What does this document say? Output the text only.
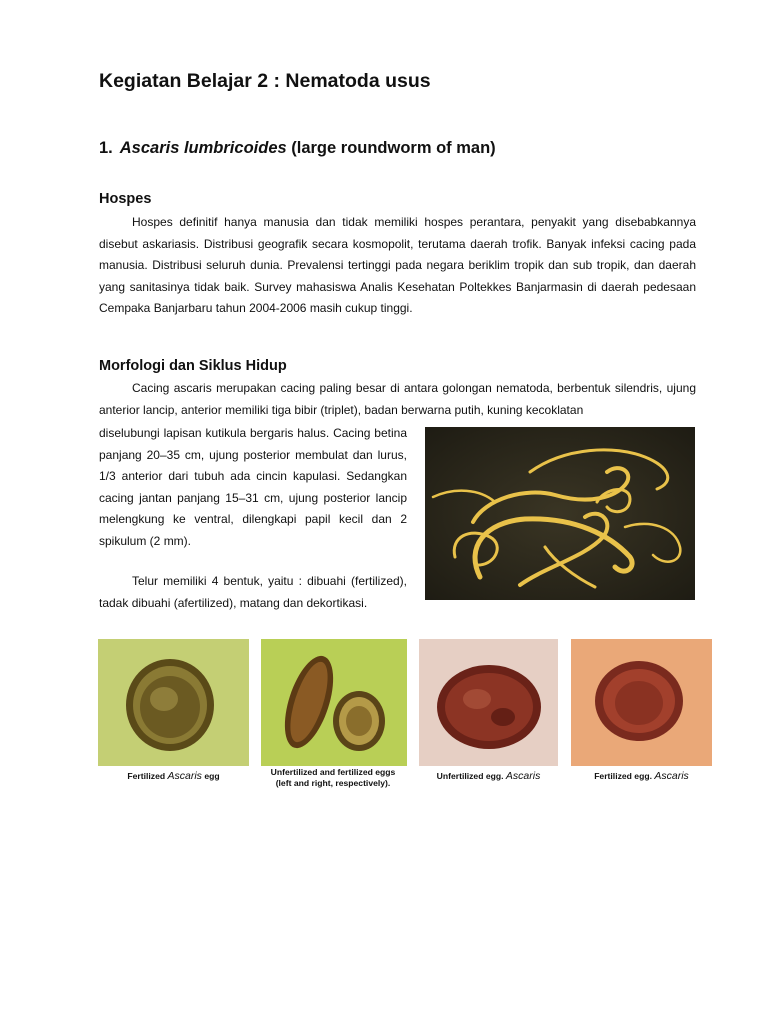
Kegiatan Belajar 2 : Nematoda usus
1. Ascaris lumbricoides (large roundworm of man)
Hospes

Hospes definitif hanya manusia dan tidak memiliki hospes perantara, penyakit yang disebabkannya disebut askariasis. Distribusi geografik secara kosmopolit, terutama daerah trofik. Banyak infeksi cacing pada manusia. Distribusi seluruh dunia. Prevalensi tertinggi pada negara beriklim tropik dan sub tropik, dan daerah yang sanitasinya tidak baik. Survey mahasiswa Analis Kesehatan Poltekkes Banjarmasin di daerah pedesaan Cempaka Banjarbaru tahun 2004-2006 masih cukup tinggi.

Morfologi dan Siklus Hidup

Cacing ascaris merupakan cacing paling besar di antara golongan nematoda, berbentuk silendris, ujung anterior lancip, anterior memiliki tiga bibir (triplet), badan berwarna putih, kuning kecoklatan

diselubungi lapisan kutikula bergaris halus. Cacing betina panjang 20–35 cm, ujung posterior membulat dan lurus, 1/3 anterior dari tubuh ada cincin kapulasi. Sedangkan cacing jantan panjang 15–31 cm, ujung posterior lancip melengkung ke ventral, dilengkapi papil kecil dan 2 spikulum (2 mm).

Telur memiliki 4 bentuk, yaitu : dibuahi (fertilized), tadak dibuahi (afertilized), matang dan dekortikasi.

Fertilized Ascaris egg	Unfertilized and fertilized eggs
(left and right, respectively).

Unfertilized egg. Ascaris	Fertilized egg. Ascaris
